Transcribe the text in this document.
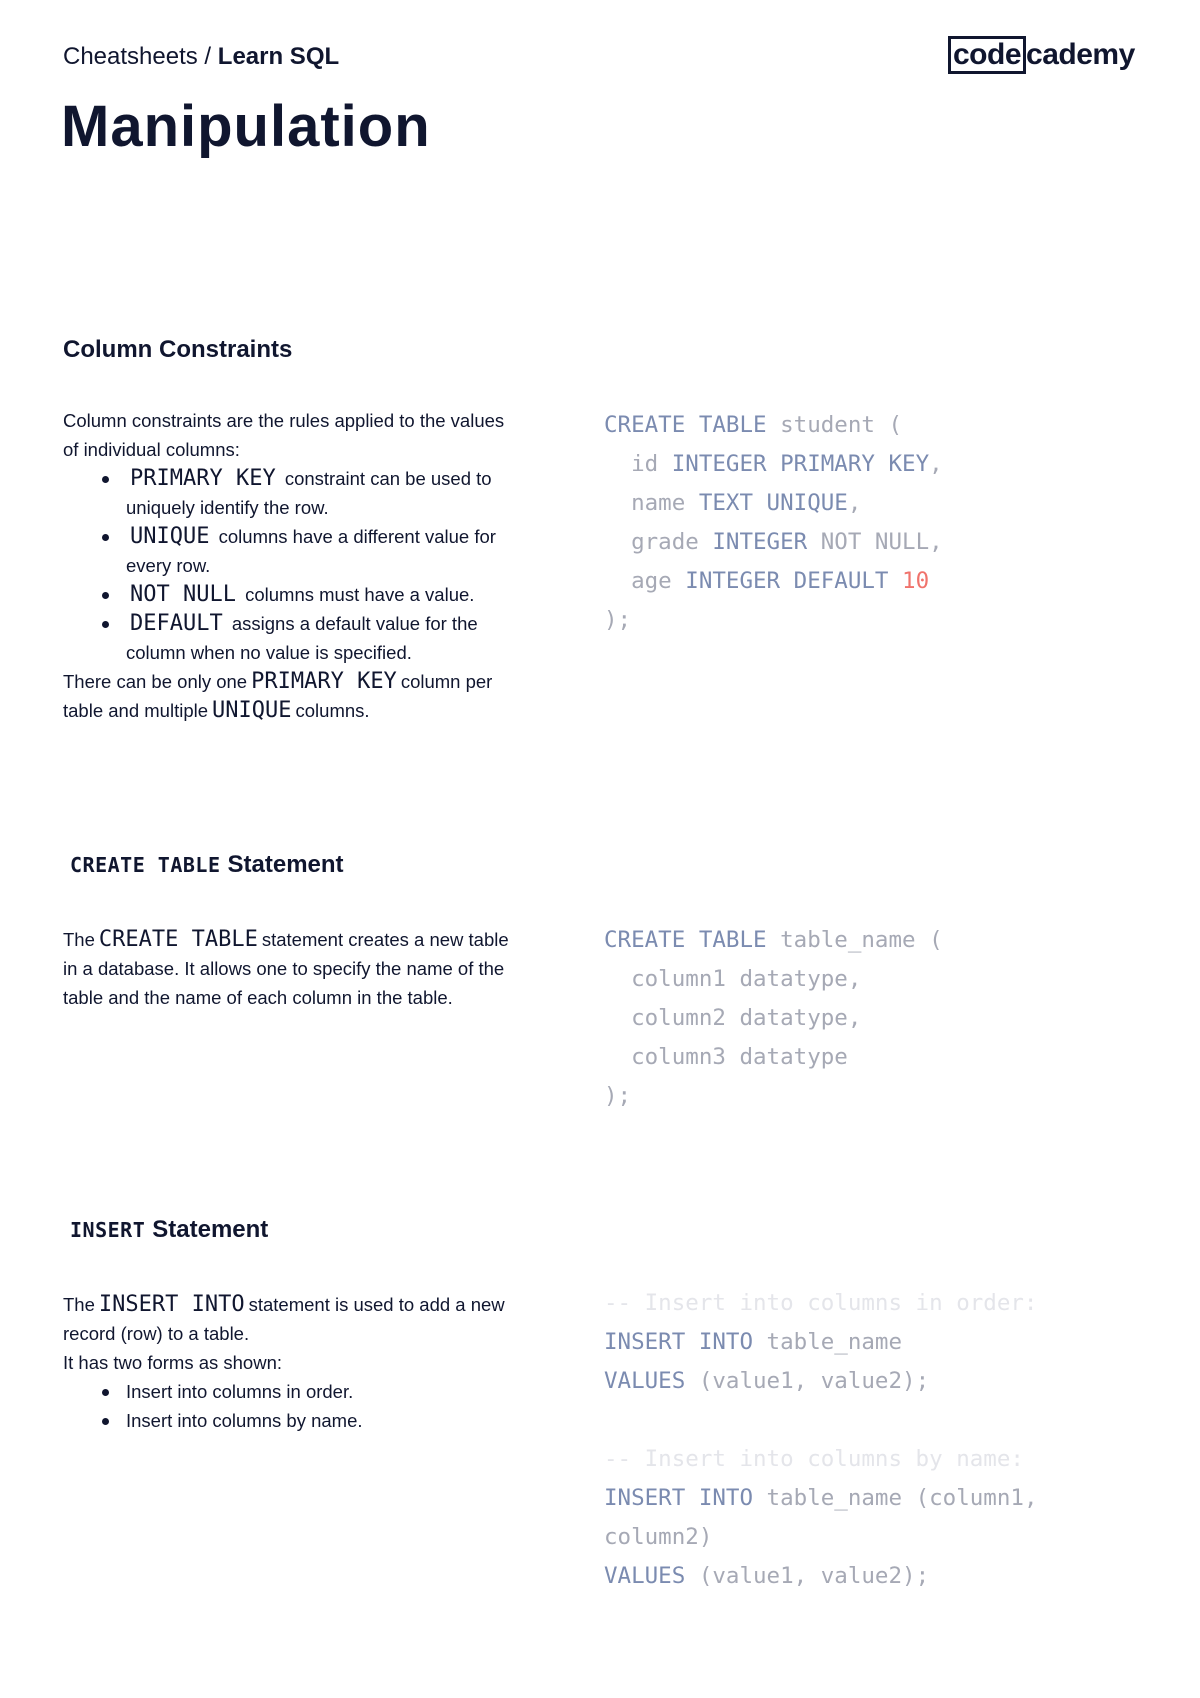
Cheatsheets / Learn SQL	code cademy
Manipulation
Column Constraints

Column constraints are the rules applied to the values of individual columns:

PRIMARY KEY constraint can be used to uniquely identify the row.
UNIQUE columns have a different value for every row.
NOT NULL columns must have a value.
DEFAULT assigns a default value for the column when no value is specified.

There can be only one PRIMARY KEY column per table and multiple UNIQUE columns.

CREATE TABLE student (
id INTEGER PRIMARY KEY,
name TEXT UNIQUE,
grade INTEGER NOT NULL,
age INTEGER DEFAULT 10
);
CREATE TABLE Statement

The CREATE TABLE statement creates a new table in a database. It allows one to specify the name of the table and the name of each column in the table.

CREATE TABLE table_name (
column1 datatype,
column2 datatype,
column3 datatype
);
INSERT Statement

The INSERT INTO statement is used to add a new record (row) to a table.

It has two forms as shown:

Insert into columns in order.
Insert into columns by name.
-- Insert into columns in order:
INSERT INTO table_name
VALUES (value1, value2);
-- Insert into columns by name:
INSERT INTO table_name (column1,
column2)
VALUES (value1, value2);
